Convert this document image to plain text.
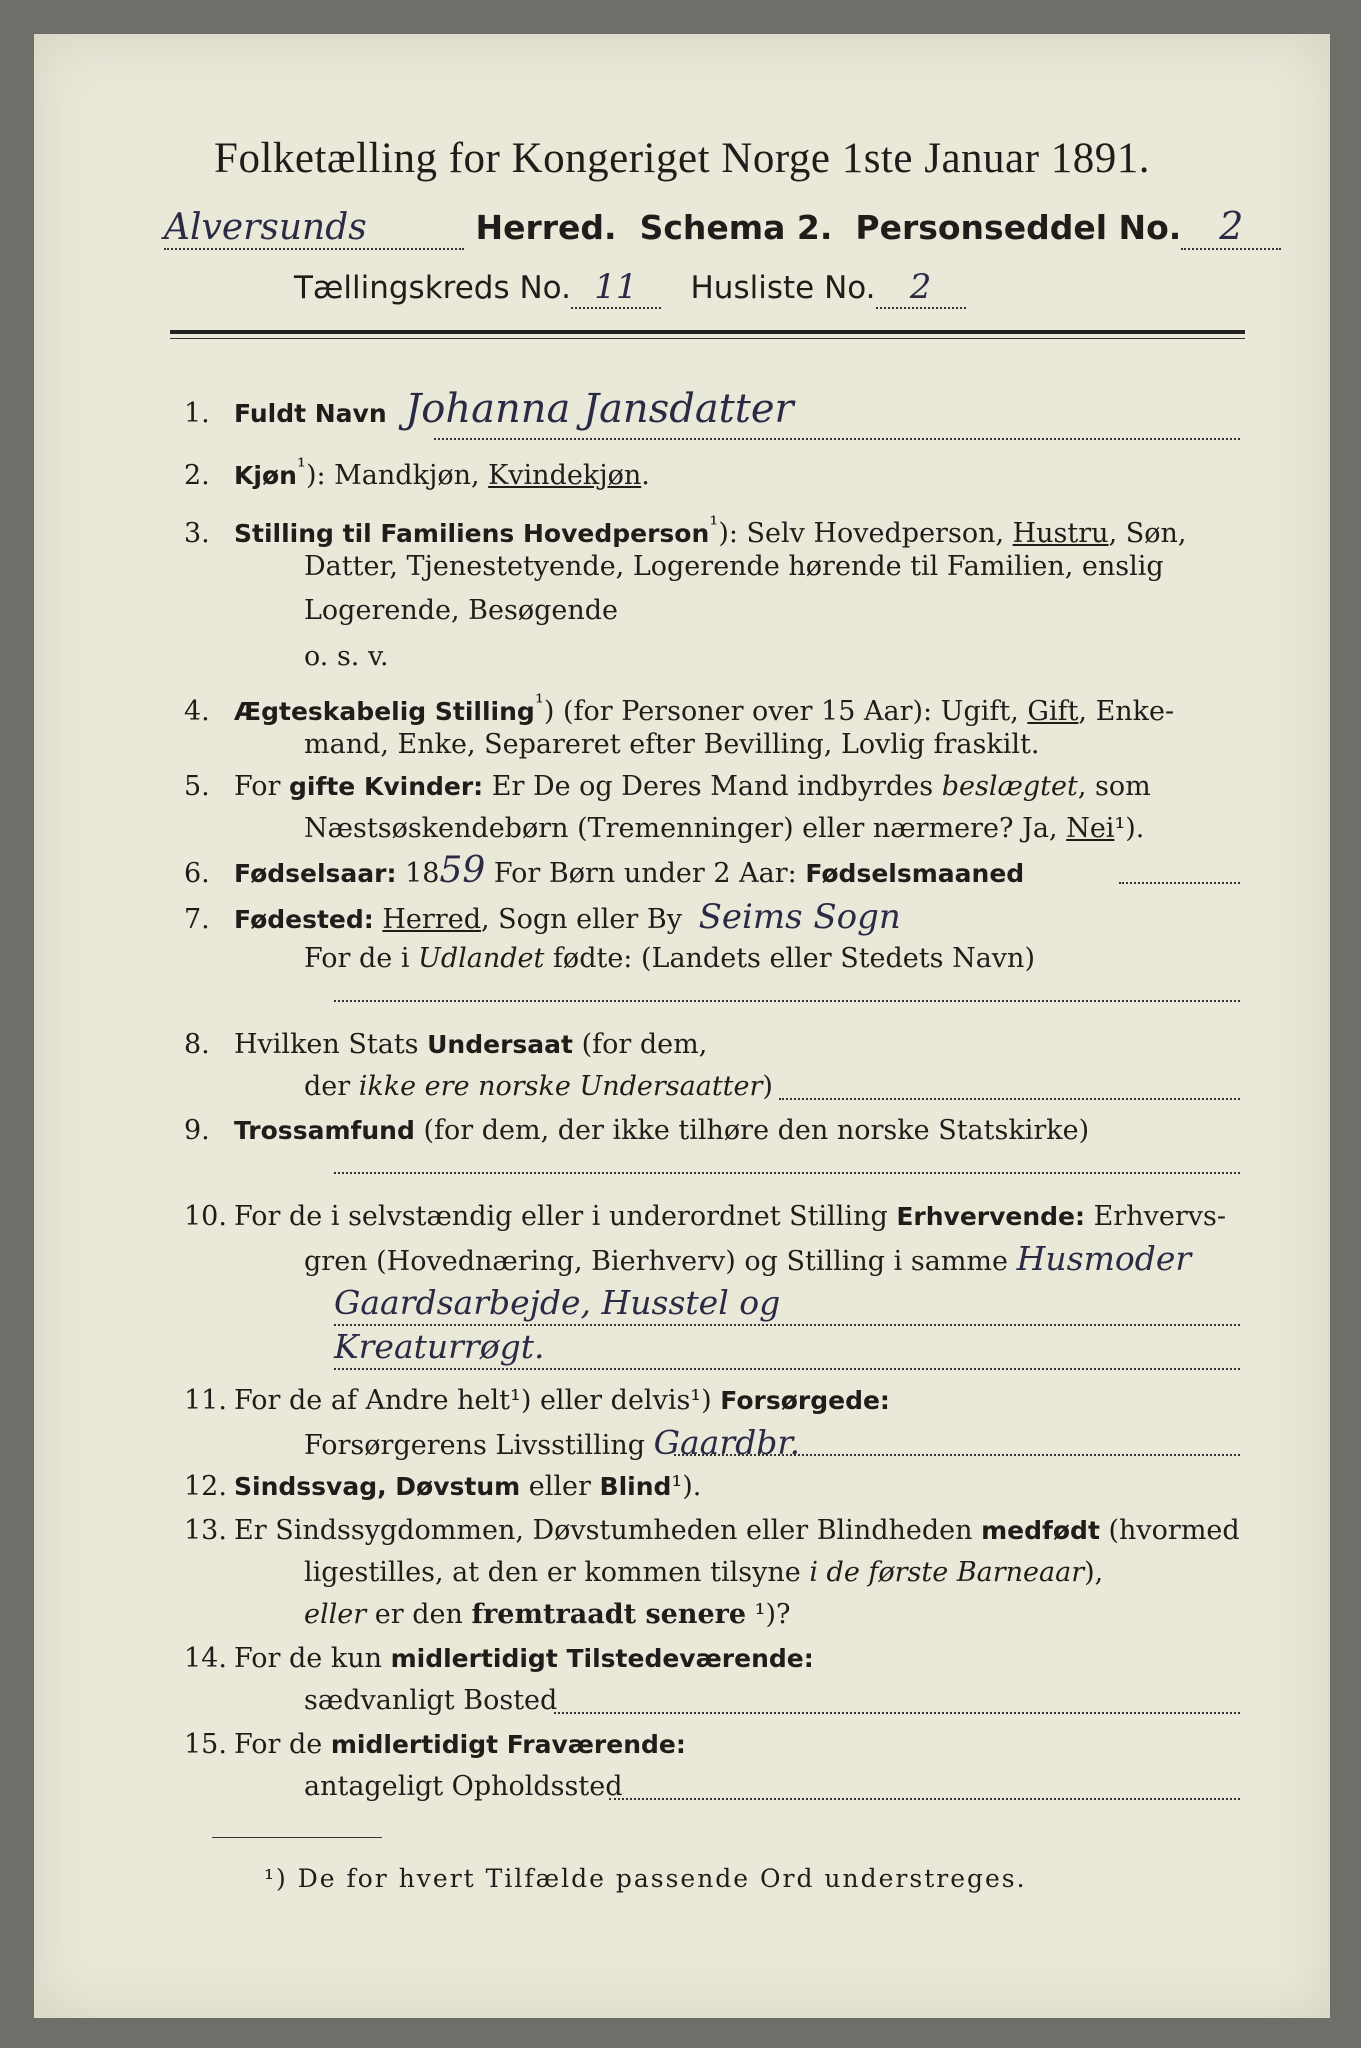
Folketælling for Kongeriget Norge 1ste Januar 1891.
Alversunds	Herred. Schema 2. Personseddel No. 2
Tællingskreds No. 11 Husliste No. 2
1. Fuldt Navn Johanna Jansdatter
2. Kjøn$^{^1}$): Mandkjøn, Kvindekjøn.
3. Stilling til Familiens Hovedperson$^{^1}$): Selv Hovedperson, Hustru, Søn,
Datter, Tjenestetyende, Logerende hørende til Familien, enslig
Logerende, Besøgende
o. s. v.
4. Ægteskabelig Stilling$^{^1}$) (for Personer over 15 Aar): Ugift, Gift, Enke-
mand, Enke, Separeret efter Bevilling, Lovlig fraskilt.
5. For gifte Kvinder: Er De og Deres Mand indbyrdes beslægtet, som
Næstsøskendebørn (Tremenninger) eller nærmere? Ja, Nei¹).
6. Fødselsaar: 1859 For Børn under 2 Aar: Fødselsmaaned
7. Fødested: Herred, Sogn eller By Seims Sogn
For de i Udlandet fødte: (Landets eller Stedets Navn)
8. Hvilken Stats Undersaat (for dem,
der ikke ere norske Undersaatter)
9. Trossamfund (for dem, der ikke tilhøre den norske Statskirke)
10. For de i selvstændig eller i underordnet Stilling Erhvervende: Erhvervs-
gren (Hovednæring, Bierhverv) og Stilling i samme Husmoder
Gaardsarbejde, Husstel og
Kreaturrøgt.
11. For de af Andre helt¹) eller delvis¹) Forsørgede:
Forsørgerens Livsstilling Gaardbr.
12. Sindssvag, Døvstum eller Blind¹).
13. Er Sindssygdommen, Døvstumheden eller Blindheden medfødt (hvormed
ligestilles, at den er kommen tilsyne i de første Barneaar),
eller er den fremtraadt senere ¹)?
14. For de kun midlertidigt Tilstedeværende:
sædvanligt Bosted
15. For de midlertidigt Fraværende:
antageligt Opholdssted
¹) De for hvert Tilfælde passende Ord understreges.
